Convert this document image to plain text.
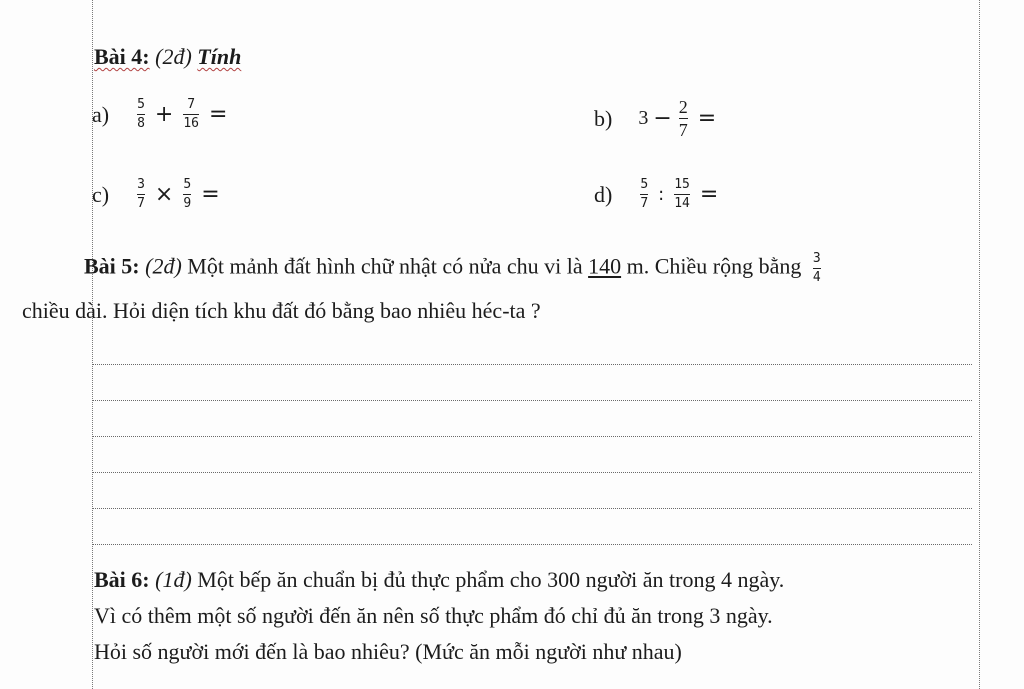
Bài 4: (2đ) Tính
$a) \frac{5}{8} + \frac{7}{16}$ =	b) $3 - \frac{2}{7}$ =
$c) \frac{3}{7} \times \frac{5}{9}$ =	$d) \frac{5}{7}$ : $\frac{15}{14}$ =
Bài 5: (2đ) Một mảnh đất hình chữ nhật có nửa chu vi là 140 m. Chiều rộng bằng $\frac{3}{4}$
chiều dài. Hỏi diện tích khu đất đó bằng bao nhiêu héc-ta ?
Bài 6: (1đ) Một bếp ăn chuẩn bị đủ thực phẩm cho 300 người ăn trong 4 ngày.
Vì có thêm một số người đến ăn nên số thực phẩm đó chỉ đủ ăn trong 3 ngày.
Hỏi số người mới đến là bao nhiêu? (Mức ăn mỗi người như nhau)
